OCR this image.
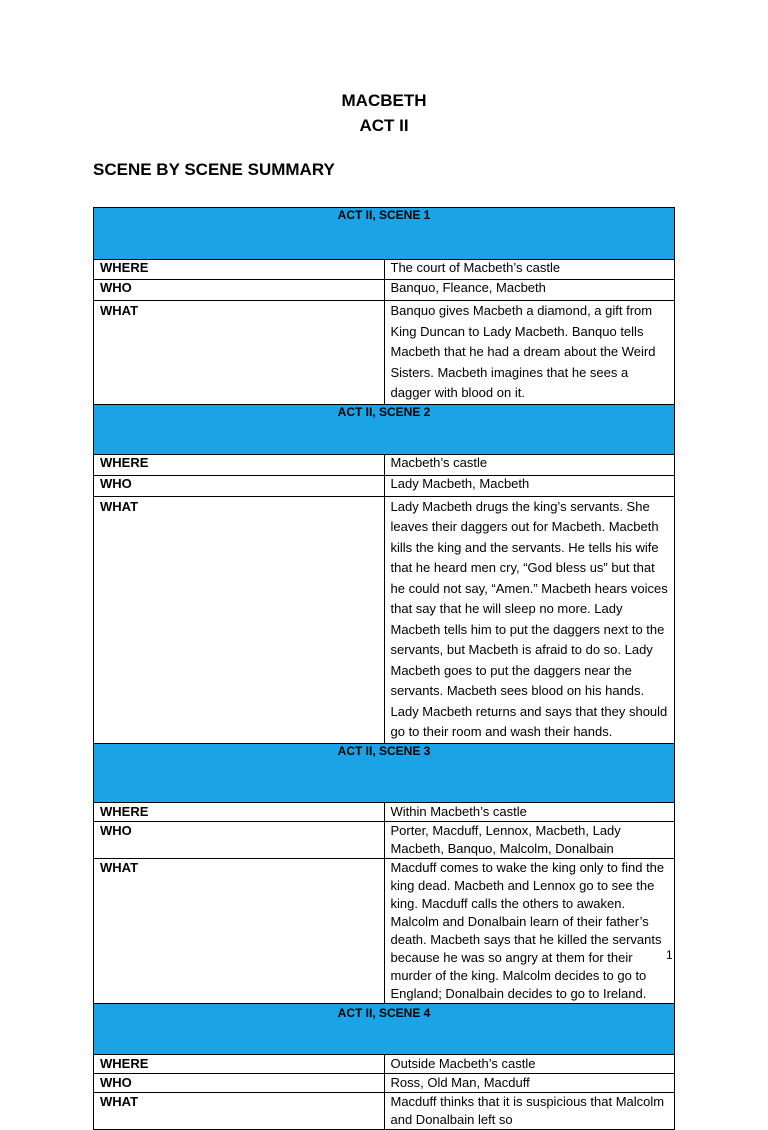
MACBETH
ACT II
SCENE BY SCENE SUMMARY
ACT II, SCENE 1	
WHERE	The court of Macbeth’s castle
WHO	Banquo, Fleance, Macbeth
WHAT	Banquo gives Macbeth a diamond, a gift from King Duncan to Lady Macbeth. Banquo tells Macbeth that he had a dream about the Weird Sisters. Macbeth imagines that he sees a dagger with blood on it.
ACT II, SCENE 2	
WHERE	Macbeth’s castle
WHO	Lady Macbeth, Macbeth
WHAT	Lady Macbeth drugs the king’s servants. She leaves their daggers out for Macbeth. Macbeth kills the king and the servants. He tells his wife that he heard men cry, “God bless us” but that he could not say, “Amen.” Macbeth hears voices that say that he will sleep no more. Lady Macbeth tells him to put the daggers next to the servants, but Macbeth is afraid to do so. Lady Macbeth goes to put the daggers near the servants. Macbeth sees blood on his hands. Lady Macbeth returns and says that they should go to their room and wash their hands.
ACT II, SCENE 3	
WHERE	Within Macbeth’s castle
WHO	Porter, Macduff, Lennox, Macbeth, Lady Macbeth, Banquo, Malcolm, Donalbain
WHAT	Macduff comes to wake the king only to find the king dead. Macbeth and Lennox go to see the king. Macduff calls the others to awaken. Malcolm and Donalbain learn of their father’s death. Macbeth says that he killed the servants because he was so angry at them for their murder of the king. Malcolm decides to go to England; Donalbain decides to go to Ireland.
ACT II, SCENE 4	
WHERE	Outside Macbeth’s castle
WHO	Ross, Old Man, Macduff
WHAT	Macduff thinks that it is suspicious that Malcolm and Donalbain left so
1
